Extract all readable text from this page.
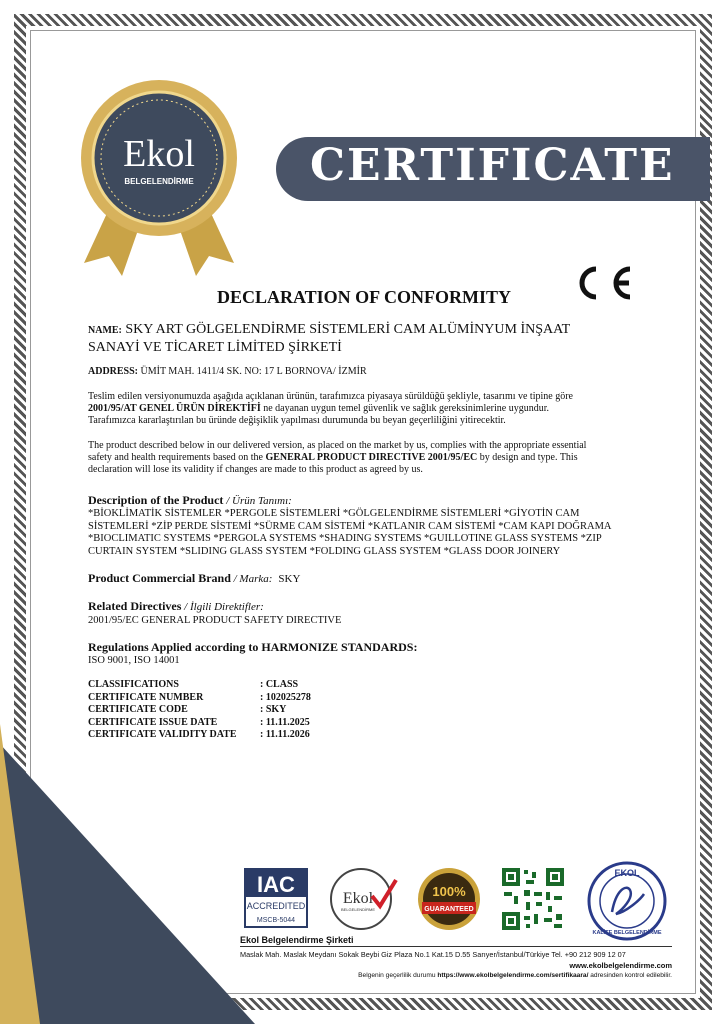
CERTIFICATE
Ekol
BELGELENDİRME
DECLARATION OF CONFORMITY
NAME: SKY ART GÖLGELENDİRME SİSTEMLERİ CAM ALÜMİNYUM İNŞAAT
SANAYİ VE TİCARET LİMİTED ŞİRKETİ
ADDRESS: ÜMİT MAH. 1411/4 SK. NO: 17 L BORNOVA/ İZMİR
Teslim edilen versiyonumuzda aşağıda açıklanan ürünün, tarafımızca piyasaya sürüldüğü şekliyle, tasarımı ve tipine göre
2001/95/AT GENEL ÜRÜN DİREKTİFİ ne dayanan uygun temel güvenlik ve sağlık gereksinimlerine uygundur.
Tarafımızca kararlaştırılan bu üründe değişiklik yapılması durumunda bu beyan geçerliliğini yitirecektir.
The product described below in our delivered version, as placed on the market by us, complies with the appropriate essential
safety and health requirements based on the GENERAL PRODUCT DIRECTIVE 2001/95/EC by design and type. This
declaration will lose its validity if changes are made to this product as agreed by us.
Description of the Product / Ürün Tanımı:
*BİOKLİMATİK SİSTEMLER *PERGOLE SİSTEMLERİ *GÖLGELENDİRME SİSTEMLERİ *GİYOTİN CAM
SİSTEMLERİ *ZİP PERDE SİSTEMİ *SÜRME CAM SİSTEMİ *KATLANIR CAM SİSTEMİ *CAM KAPI DOĞRAMA
*BIOCLIMATIC SYSTEMS *PERGOLA SYSTEMS *SHADING SYSTEMS *GUILLOTINE GLASS SYSTEMS *ZIP
CURTAIN SYSTEM *SLIDING GLASS SYSTEM *FOLDING GLASS SYSTEM *GLASS DOOR JOINERY
Product Commercial Brand / Marka: SKY
Related Directives / İlgili Direktifler:
2001/95/EC GENERAL PRODUCT SAFETY DIRECTIVE
Regulations Applied according to HARMONIZE STANDARDS:
ISO 9001, ISO 14001
CLASSIFICATIONS	: CLASS
CERTIFICATE NUMBER	: 102025278
CERTIFICATE CODE	: SKY
CERTIFICATE ISSUE DATE	: 11.11.2025
CERTIFICATE VALIDITY DATE	: 11.11.2026
IAC
ACCREDITED
MSCB-5044
Ekol
BELGELENDİRME
100%
GUARANTEED
EKOL
KALİTE BELGELENDİRME
Ekol Belgelendirme Şirketi
Maslak Mah. Maslak Meydanı Sokak Beybi Giz Plaza No.1 Kat.15 D.55 Sarıyer/İstanbul/Türkiye Tel. +90 212 909 12 07
www.ekolbelgelendirme.com
Belgenin geçerlilik durumu https://www.ekolbelgelendirme.com/sertifikaara/ adresinden kontrol edilebilir.
